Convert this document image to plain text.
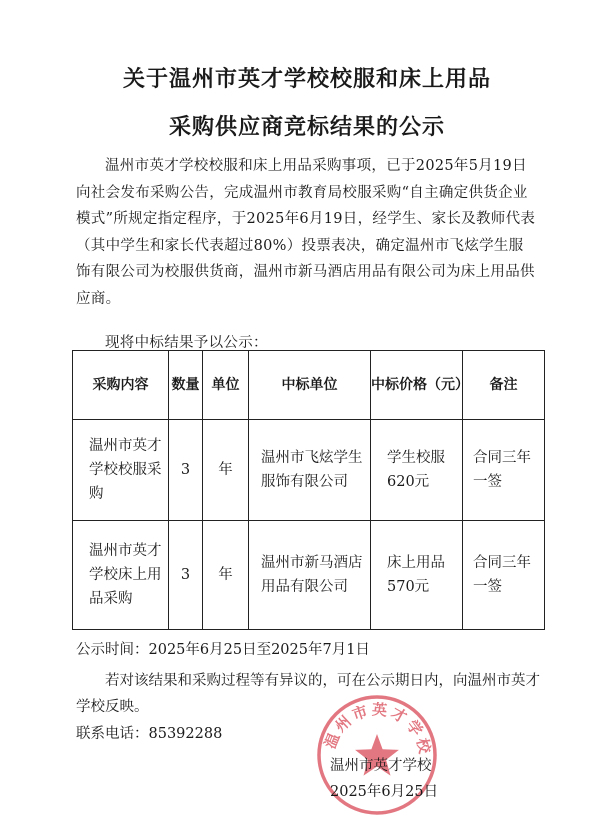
关于温州市英才学校校服和床上用品
采购供应商竞标结果的公示
温州市英才学校校服和床上用品采购事项，已于2025年5月19日向社会发布采购公告，完成温州市教育局校服采购“自主确定供货企业模式”所规定指定程序，于2025年6月19日，经学生、家长及教师代表（其中学生和家长代表超过80%）投票表决，确定温州市飞炫学生服饰有限公司为校服供货商，温州市新马酒店用品有限公司为床上用品供应商。
现将中标结果予以公示：
采购内容	数量	单位	中标单位	中标价格（元）	备注
温州市英才学校校服采购	3	年	温州市飞炫学生服饰有限公司	学生校服 620元	合同三年一签
温州市英才学校床上用品采购	3	年	温州市新马酒店用品有限公司	床上用品 570元	合同三年一签
公示时间：2025年6月25日至2025年7月1日
若对该结果和采购过程等有异议的，可在公示期日内，向温州市英才学校反映。
联系电话：85392288	温州市英才学校
温州市英才学校
2025年6月25日
